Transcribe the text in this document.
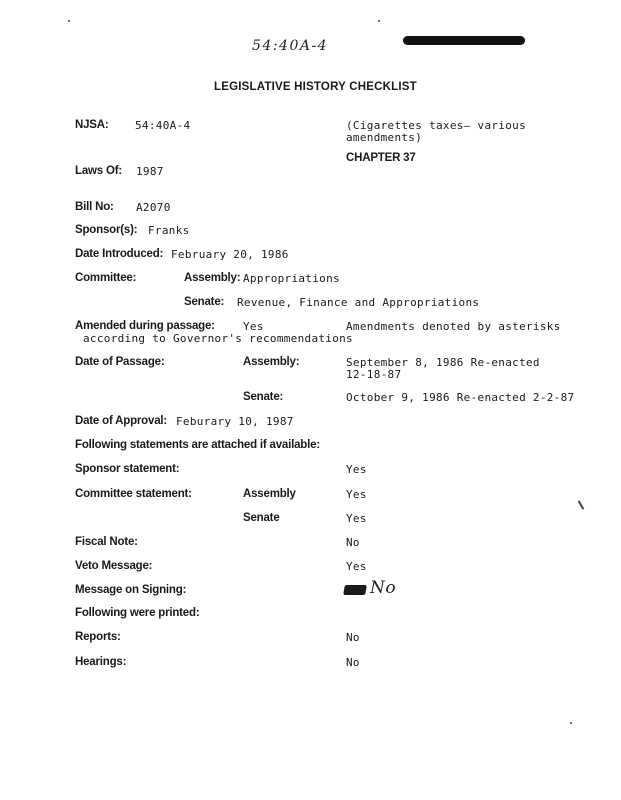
54:40A-4
LEGISLATIVE HISTORY CHECKLIST
NJSA: 54:40A-4	(Cigarettes taxes— various
amendments)
CHAPTER 37
Laws Of: 1987
Bill No: A2070
Sponsor(s): Franks
Date Introduced: February 20, 1986
Committee:	Assembly: Appropriations
Senate: Revenue, Finance and Appropriations
Amended during passage:	Yes	Amendments denoted by asterisks
according to Governor's recommendations
Date of Passage:	Assembly:	September 8, 1986 Re-enacted
12-18-87
Senate:	October 9, 1986 Re-enacted 2-2-87
Date of Approval: Feburary 10, 1987
Following statements are attached if available:
Sponsor statement:	Yes
Committee statement:	Assembly	Yes
Senate	Yes
Fiscal Note:	No
Veto Message:	Yes
Message on Signing:	No
Following were printed:
Reports:	No
Hearings:	No
